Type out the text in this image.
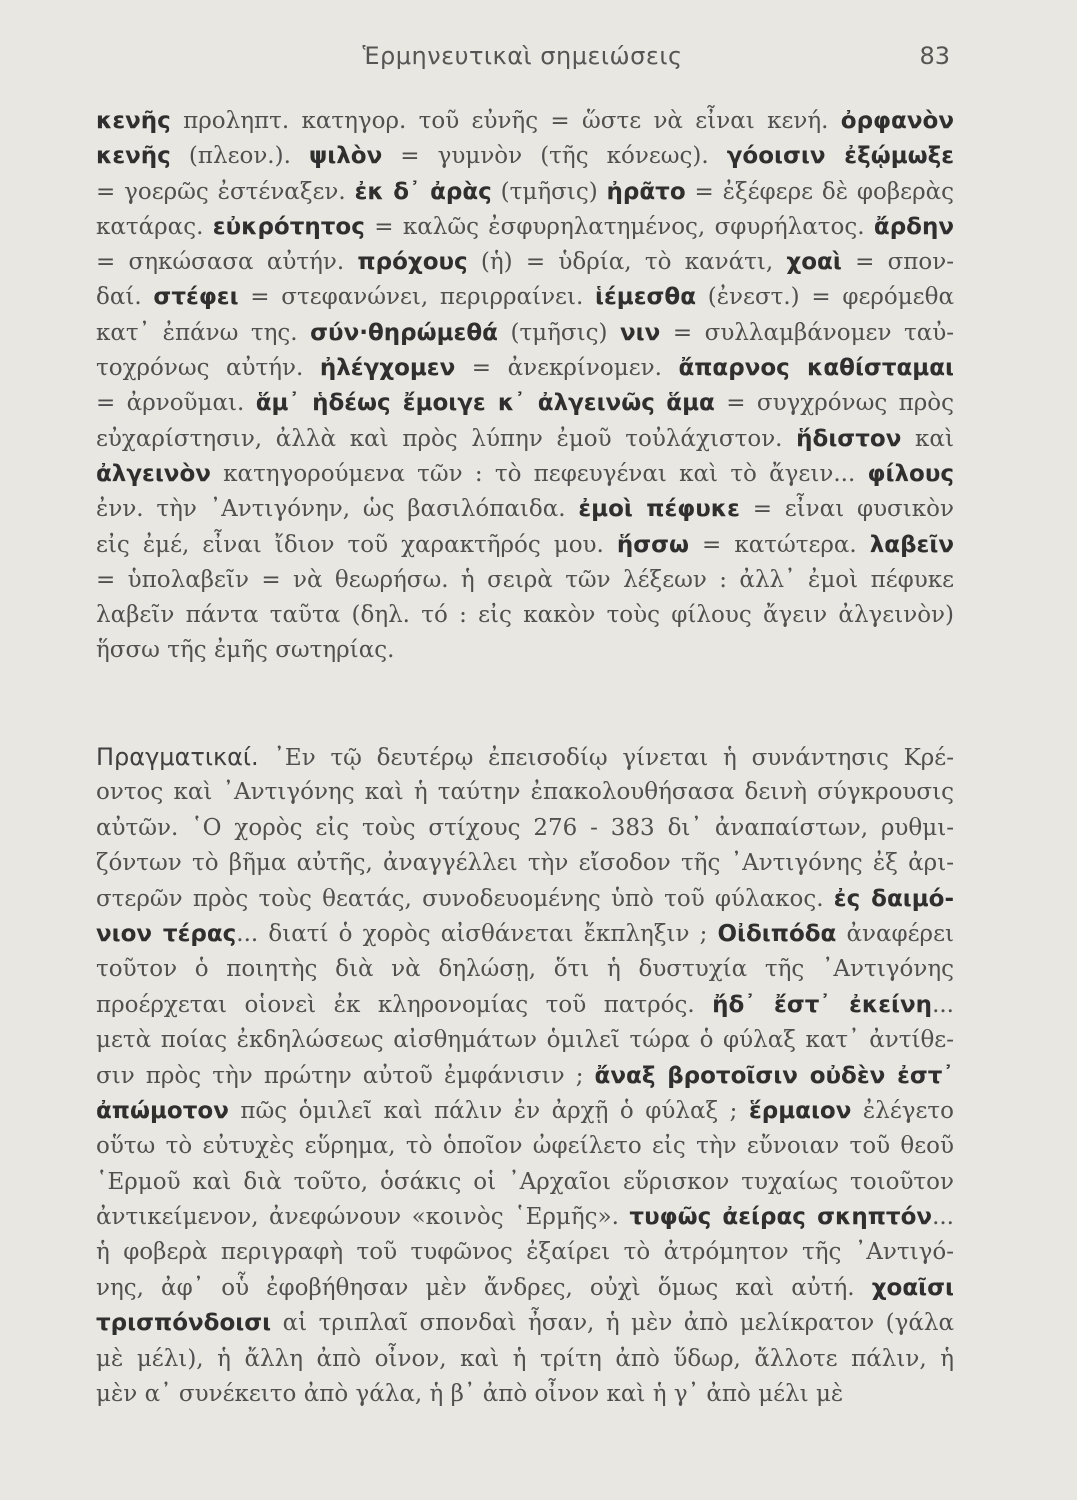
Ἑρμηνευτικαὶ σημειώσεις	83
κενῆς προληπτ. κατηγορ. τοῦ εὐνῆς = ὥστε νὰ εἶναι κενή. ὀρφανὸν
κενῆς (πλεον.). ψιλὸν = γυμνὸν (τῆς κόνεως). γόοισιν ἐξῴμωξε
= γοερῶς ἐστέναξεν. ἐκ δ᾽ ἀρὰς (τμῆσις) ἠρᾶτο = ἐξέφερε δὲ φοβερὰς
κατάρας. εὐκρότητος = καλῶς ἐσφυρηλατημένος, σφυρήλατος. ἄρδην
= σηκώσασα αὐτήν. πρόχους (ἡ) = ὑδρία, τὸ κανάτι, χοαὶ = σπον-
δαί. στέφει = στεφανώνει, περιρραίνει. ἱέμεσθα (ἐνεστ.) = φερόμεθα
κατ᾽ ἐπάνω της. σύν·θηρώμεθά (τμῆσις) νιν = συλλαμβάνομεν ταὐ-
τοχρόνως αὐτήν. ἠλέγχομεν = ἀνεκρίνομεν. ἄπαρνος καθίσταμαι
= ἀρνοῦμαι. ἅμ᾽ ἡδέως ἔμοιγε κ᾽ ἀλγεινῶς ἅμα = συγχρόνως πρὸς
εὐχαρίστησιν, ἀλλὰ καὶ πρὸς λύπην ἐμοῦ τοὐλάχιστον. ἥδιστον καὶ
ἀλγεινὸν κατηγορούμενα τῶν : τὸ πεφευγέναι καὶ τὸ ἄγειν... φίλους
ἐνν. τὴν ᾽Αντιγόνην, ὡς βασιλόπαιδα. ἐμοὶ πέφυκε = εἶναι φυσικὸν
εἰς ἐμέ, εἶναι ἴδιον τοῦ χαρακτῆρός μου. ἥσσω = κατώτερα. λαβεῖν
= ὑπολαβεῖν = νὰ θεωρήσω. ἡ σειρὰ τῶν λέξεων : ἀλλ᾽ ἐμοὶ πέφυκε
λαβεῖν πάντα ταῦτα (δηλ. τό : εἰς κακὸν τοὺς φίλους ἄγειν ἀλγεινὸν)
ἥσσω τῆς ἐμῆς σωτηρίας.
Πραγματικαί. ᾽Εν τῷ δευτέρῳ ἐπεισοδίῳ γίνεται ἡ συνάντησις Κρέ-
οντος καὶ ᾽Αντιγόνης καὶ ἡ ταύτην ἐπακολουθήσασα δεινὴ σύγκρουσις
αὐτῶν. ῾Ο χορὸς εἰς τοὺς στίχους 276 - 383 δι᾽ ἀναπαίστων, ρυθμι-
ζόντων τὸ βῆμα αὐτῆς, ἀναγγέλλει τὴν εἴσοδον τῆς ᾽Αντιγόνης ἐξ ἀρι-
στερῶν πρὸς τοὺς θεατάς, συνοδευομένης ὑπὸ τοῦ φύλακος. ἐς δαιμό-
νιον τέρας... διατί ὁ χορὸς αἰσθάνεται ἔκπληξιν ; Οἰδιπόδα ἀναφέρει
τοῦτον ὁ ποιητὴς διὰ νὰ δηλώσῃ, ὅτι ἡ δυστυχία τῆς ᾽Αντιγόνης
προέρχεται οἱονεὶ ἐκ κληρονομίας τοῦ πατρός. ἤδ᾽ ἔστ᾽ ἐκείνη...
μετὰ ποίας ἐκδηλώσεως αἰσθημάτων ὁμιλεῖ τώρα ὁ φύλαξ κατ᾽ ἀντίθε-
σιν πρὸς τὴν πρώτην αὐτοῦ ἐμφάνισιν ; ἄναξ βροτοῖσιν οὐδὲν ἐστ᾽
ἀπώμοτον πῶς ὁμιλεῖ καὶ πάλιν ἐν ἀρχῇ ὁ φύλαξ ; ἕρμαιον ἐλέγετο
οὕτω τὸ εὐτυχὲς εὕρημα, τὸ ὁποῖον ὠφείλετο εἰς τὴν εὔνοιαν τοῦ θεοῦ
῾Ερμοῦ καὶ διὰ τοῦτο, ὁσάκις οἱ ᾽Αρχαῖοι εὕρισκον τυχαίως τοιοῦτον
ἀντικείμενον, ἀνεφώνουν «κοινὸς ῾Ερμῆς». τυφῶς ἀείρας σκηπτόν...
ἡ φοβερὰ περιγραφὴ τοῦ τυφῶνος ἐξαίρει τὸ ἀτρόμητον τῆς ᾽Αντιγό-
νης, ἀφ᾽ οὗ ἐφοβήθησαν μὲν ἄνδρες, οὐχὶ ὅμως καὶ αὐτή. χοαῖσι
τρισπόνδοισι αἱ τριπλαῖ σπονδαὶ ἦσαν, ἡ μὲν ἀπὸ μελίκρατον (γάλα
μὲ μέλι), ἡ ἄλλη ἀπὸ οἶνον, καὶ ἡ τρίτη ἀπὸ ὕδωρ, ἄλλοτε πάλιν, ἡ
μὲν α᾽ συνέκειτο ἀπὸ γάλα, ἡ β᾽ ἀπὸ οἶνον καὶ ἡ γ᾽ ἀπὸ μέλι μὲ
